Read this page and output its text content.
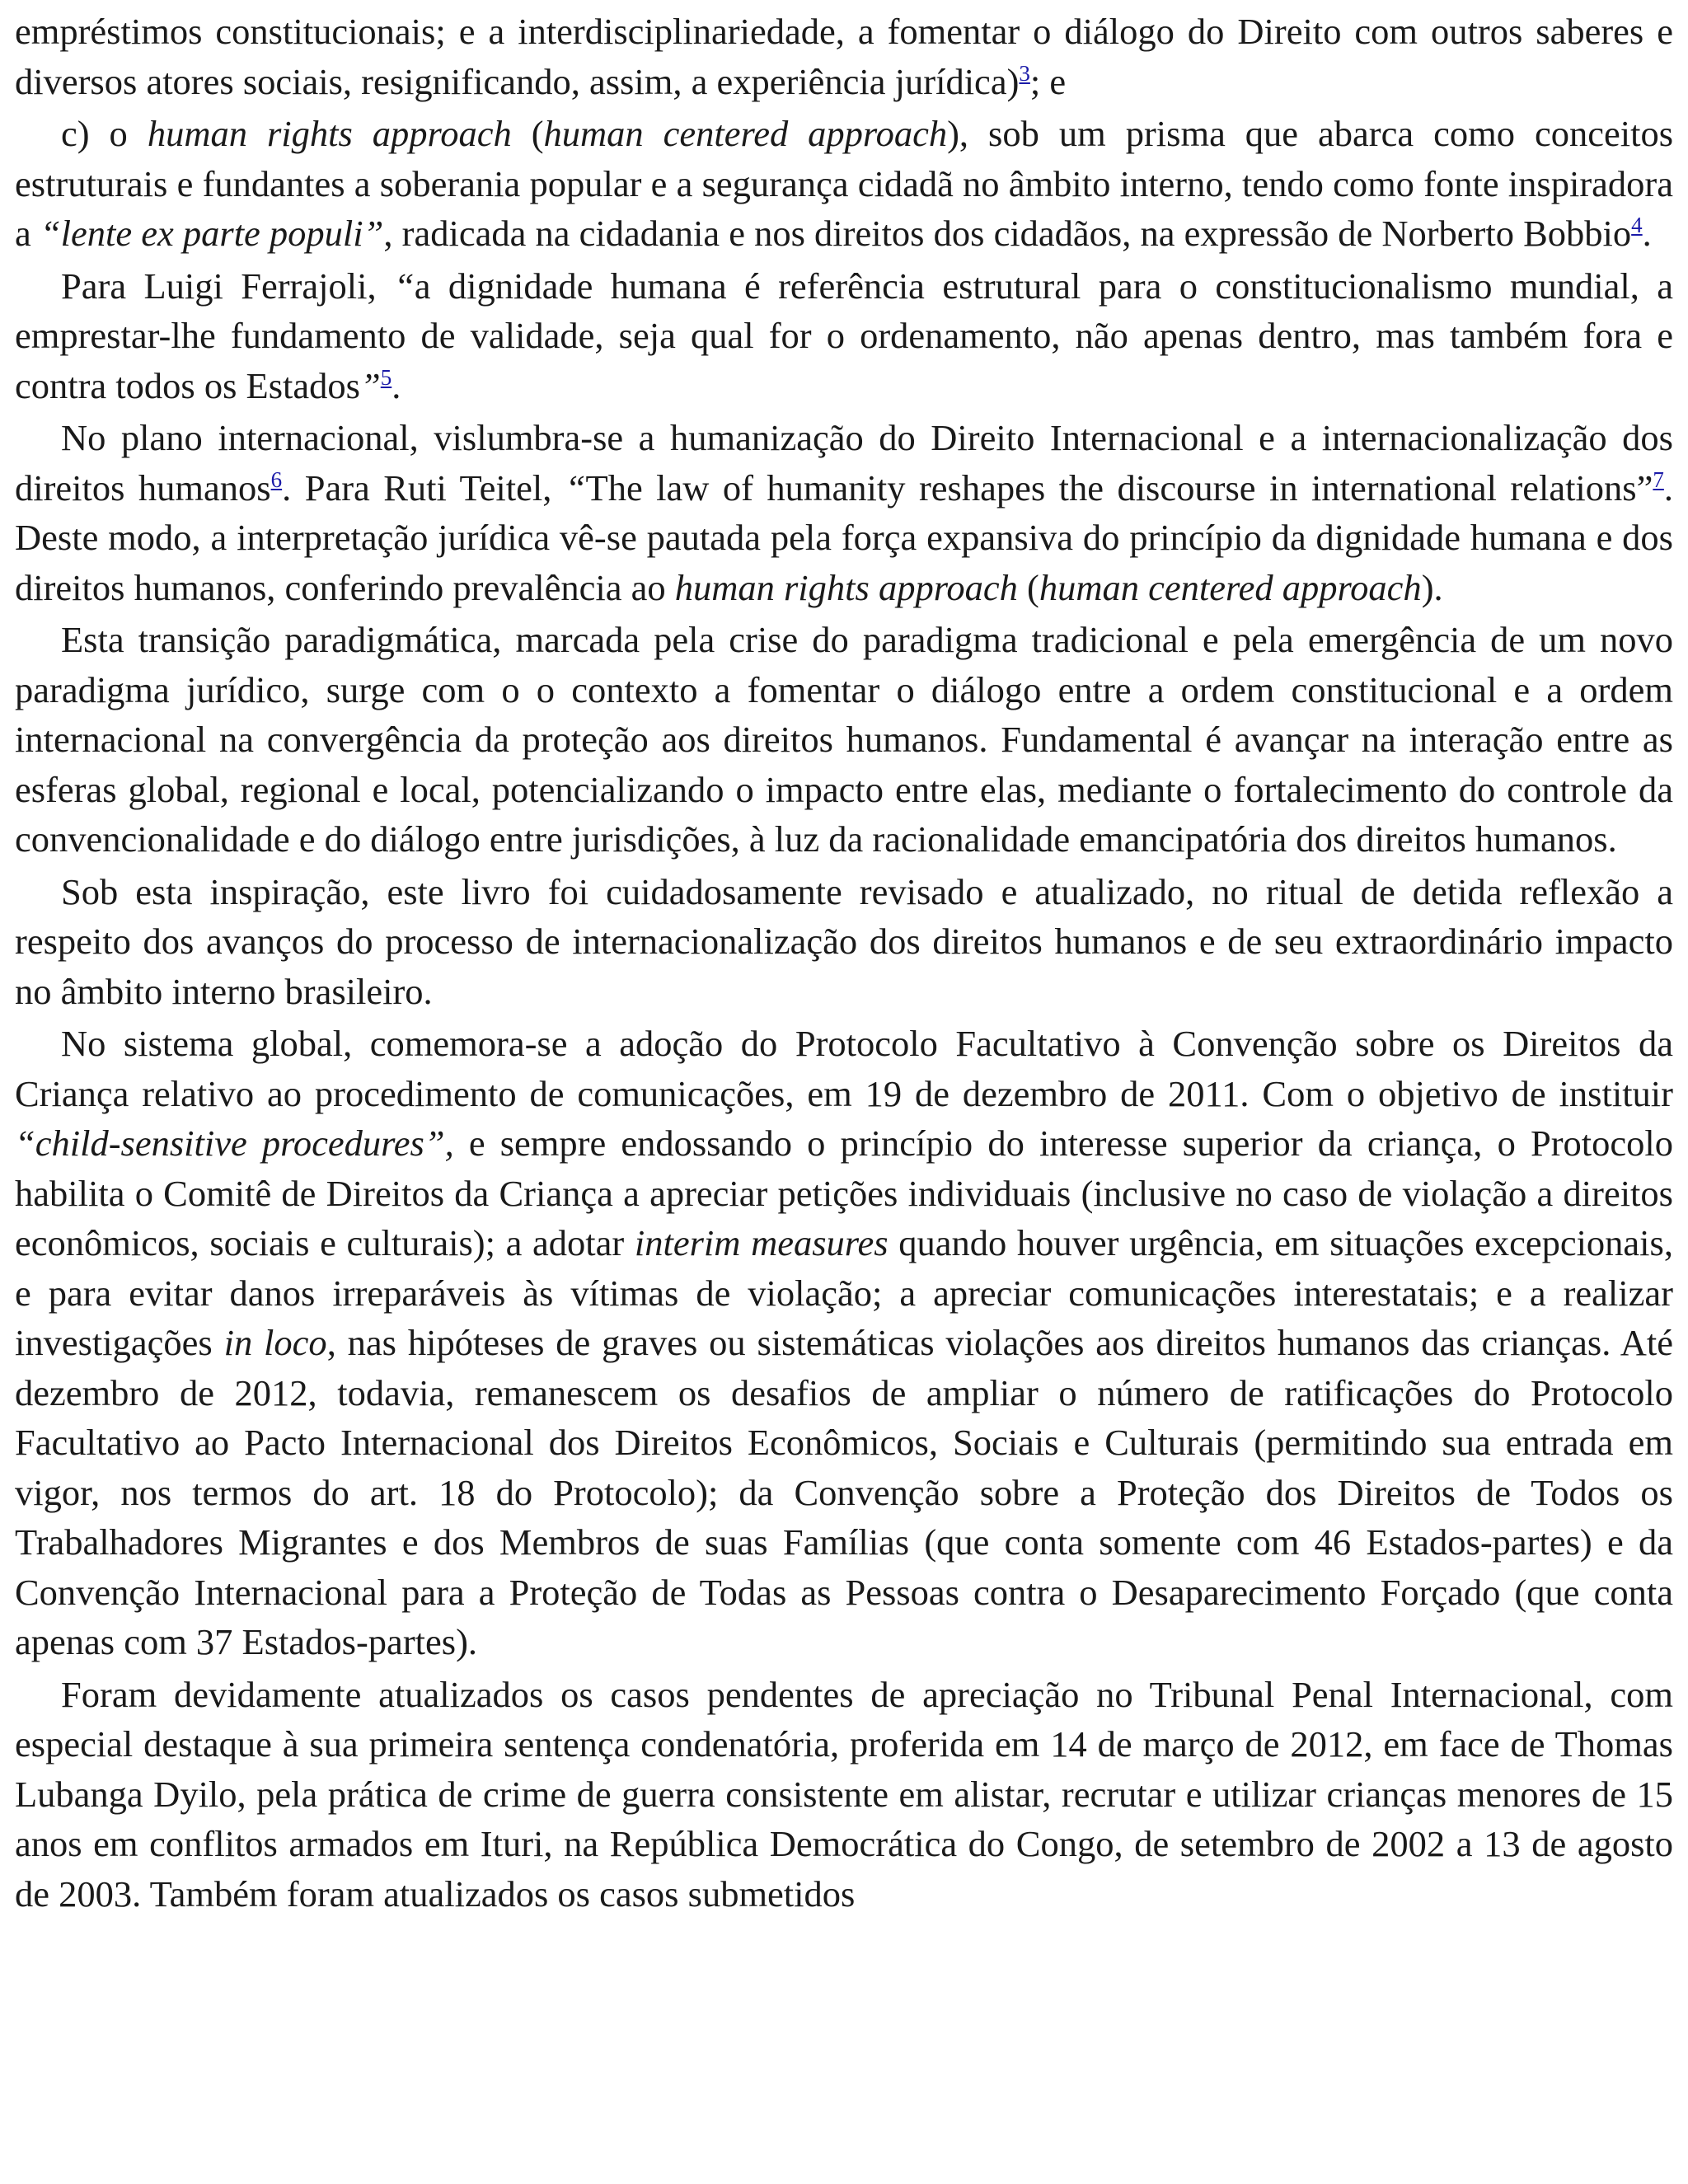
empréstimos constitucionais; e a interdisciplinariedade, a fomentar o diálogo do Direito com outros saberes e diversos atores sociais, resignificando, assim, a experiência jurídica)$^3$; e

c) o human rights approach (human centered approach), sob um prisma que abarca como conceitos estruturais e fundantes a soberania popular e a segurança cidadã no âmbito interno, tendo como fonte inspiradora a “lente ex parte populi”, radicada na cidadania e nos direitos dos cidadãos, na expressão de Norberto Bobbio$^4$.

Para Luigi Ferrajoli, “a dignidade humana é referência estrutural para o constitucionalismo mundial, a emprestar-lhe fundamento de validade, seja qual for o ordenamento, não apenas dentro, mas também fora e contra todos os Estados”$^5$.

No plano internacional, vislumbra-se a humanização do Direito Internacional e a internacionalização dos direitos humanos$^6$. Para Ruti Teitel, “The law of humanity reshapes the discourse in international relations”$^7$. Deste modo, a interpretação jurídica vê-se pautada pela força expansiva do princípio da dignidade humana e dos direitos humanos, conferindo prevalência ao human rights approach (human centered approach).

Esta transição paradigmática, marcada pela crise do paradigma tradicional e pela emergência de um novo paradigma jurídico, surge com o o contexto a fomentar o diálogo entre a ordem constitucional e a ordem internacional na convergência da proteção aos direitos humanos. Fundamental é avançar na interação entre as esferas global, regional e local, potencializando o impacto entre elas, mediante o fortalecimento do controle da convencionalidade e do diálogo entre jurisdições, à luz da racionalidade emancipatória dos direitos humanos.

Sob esta inspiração, este livro foi cuidadosamente revisado e atualizado, no ritual de detida reflexão a respeito dos avanços do processo de internacionalização dos direitos humanos e de seu extraordinário impacto no âmbito interno brasileiro.

No sistema global, comemora-se a adoção do Protocolo Facultativo à Convenção sobre os Direitos da Criança relativo ao procedimento de comunicações, em 19 de dezembro de 2011. Com o objetivo de instituir “child-sensitive procedures”, e sempre endossando o princípio do interesse superior da criança, o Protocolo habilita o Comitê de Direitos da Criança a apreciar petições individuais (inclusive no caso de violação a direitos econômicos, sociais e culturais); a adotar interim measures quando houver urgência, em situações excepcionais, e para evitar danos irreparáveis às vítimas de violação; a apreciar comunicações interestatais; e a realizar investigações in loco, nas hipóteses de graves ou sistemáticas violações aos direitos humanos das crianças. Até dezembro de 2012, todavia, remanescem os desafios de ampliar o número de ratificações do Protocolo Facultativo ao Pacto Internacional dos Direitos Econômicos, Sociais e Culturais (permitindo sua entrada em vigor, nos termos do art. 18 do Protocolo); da Convenção sobre a Proteção dos Direitos de Todos os Trabalhadores Migrantes e dos Membros de suas Famílias (que conta somente com 46 Estados-partes) e da Convenção Internacional para a Proteção de Todas as Pessoas contra o Desaparecimento Forçado (que conta apenas com 37 Estados-partes).

Foram devidamente atualizados os casos pendentes de apreciação no Tribunal Penal Internacional, com especial destaque à sua primeira sentença condenatória, proferida em 14 de março de 2012, em face de Thomas Lubanga Dyilo, pela prática de crime de guerra consistente em alistar, recrutar e utilizar crianças menores de 15 anos em conflitos armados em Ituri, na República Democrática do Congo, de setembro de 2002 a 13 de agosto de 2003. Também foram atualizados os casos submetidos
